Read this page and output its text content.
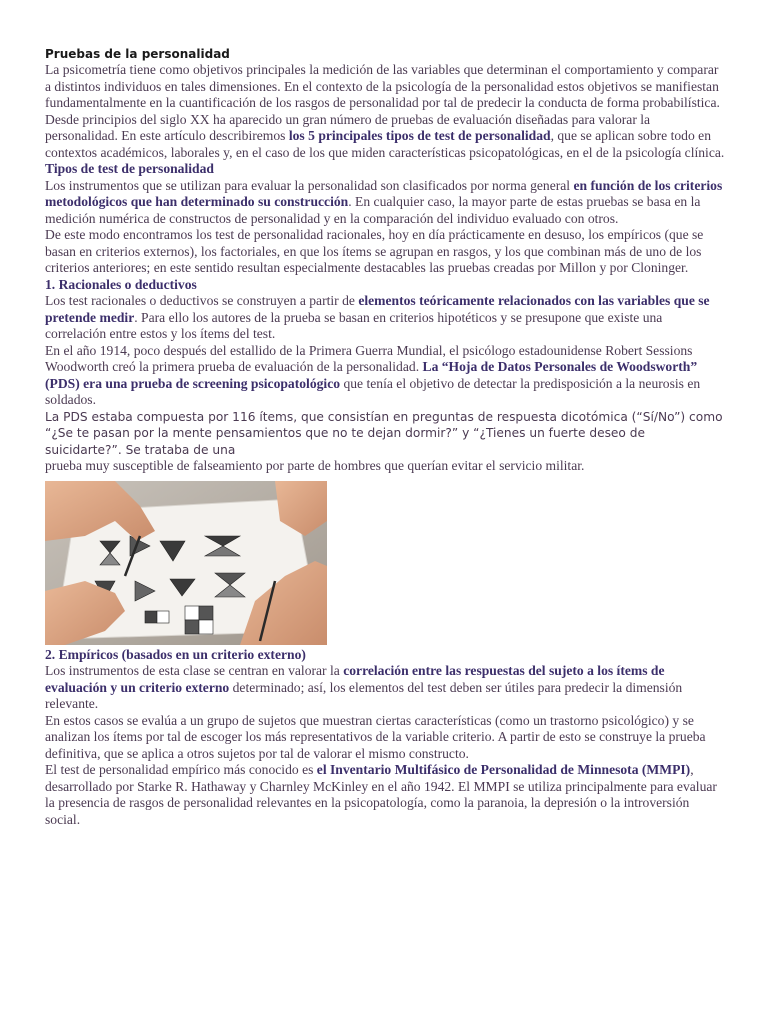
Pruebas de la personalidad

La psicometría tiene como objetivos principales la medición de las variables que determinan el comportamiento y comparar a distintos individuos en tales dimensiones. En el contexto de la psicología de la personalidad estos objetivos se manifiestan fundamentalmente en la cuantificación de los rasgos de personalidad por tal de predecir la conducta de forma probabilística.

Desde principios del siglo XX ha aparecido un gran número de pruebas de evaluación diseñadas para valorar la personalidad. En este artículo describiremos los 5 principales tipos de test de personalidad, que se aplican sobre todo en contextos académicos, laborales y, en el caso de los que miden características psicopatológicas, en el de la psicología clínica.

Tipos de test de personalidad

Los instrumentos que se utilizan para evaluar la personalidad son clasificados por norma general en función de los criterios metodológicos que han determinado su construcción. En cualquier caso, la mayor parte de estas pruebas se basa en la medición numérica de constructos de personalidad y en la comparación del individuo evaluado con otros.

De este modo encontramos los test de personalidad racionales, hoy en día prácticamente en desuso, los empíricos (que se basan en criterios externos), los factoriales, en que los ítems se agrupan en rasgos, y los que combinan más de uno de los criterios anteriores; en este sentido resultan especialmente destacables las pruebas creadas por Millon y por Cloninger.

1. Racionales o deductivos

Los test racionales o deductivos se construyen a partir de elementos teóricamente relacionados con las variables que se pretende medir. Para ello los autores de la prueba se basan en criterios hipotéticos y se presupone que existe una correlación entre estos y los ítems del test.

En el año 1914, poco después del estallido de la Primera Guerra Mundial, el psicólogo estadounidense Robert Sessions Woodworth creó la primera prueba de evaluación de la personalidad. La “Hoja de Datos Personales de Woodsworth” (PDS) era una prueba de screening psicopatológico que tenía el objetivo de detectar la predisposición a la neurosis en soldados.

La PDS estaba compuesta por 116 ítems, que consistían en preguntas de respuesta dicotómica (“Sí/No”) como “¿Se te pasan por la mente pensamientos que no te dejan dormir?” y “¿Tienes un fuerte deseo de suicidarte?”. Se trataba de una
prueba muy susceptible de falseamiento por parte de hombres que querían evitar el servicio militar.

2. Empíricos (basados en un criterio externo)

Los instrumentos de esta clase se centran en valorar la correlación entre las respuestas del sujeto a los ítems de evaluación y un criterio externo determinado; así, los elementos del test deben ser útiles para predecir la dimensión relevante.

En estos casos se evalúa a un grupo de sujetos que muestran ciertas características (como un trastorno psicológico) y se analizan los ítems por tal de escoger los más representativos de la variable criterio. A partir de esto se construye la prueba definitiva, que se aplica a otros sujetos por tal de valorar el mismo constructo.

El test de personalidad empírico más conocido es el Inventario Multifásico de Personalidad de Minnesota (MMPI), desarrollado por Starke R. Hathaway y Charnley McKinley en el año 1942. El MMPI se utiliza principalmente para evaluar la presencia de rasgos de personalidad relevantes en la psicopatología, como la paranoia, la depresión o la introversión social.
